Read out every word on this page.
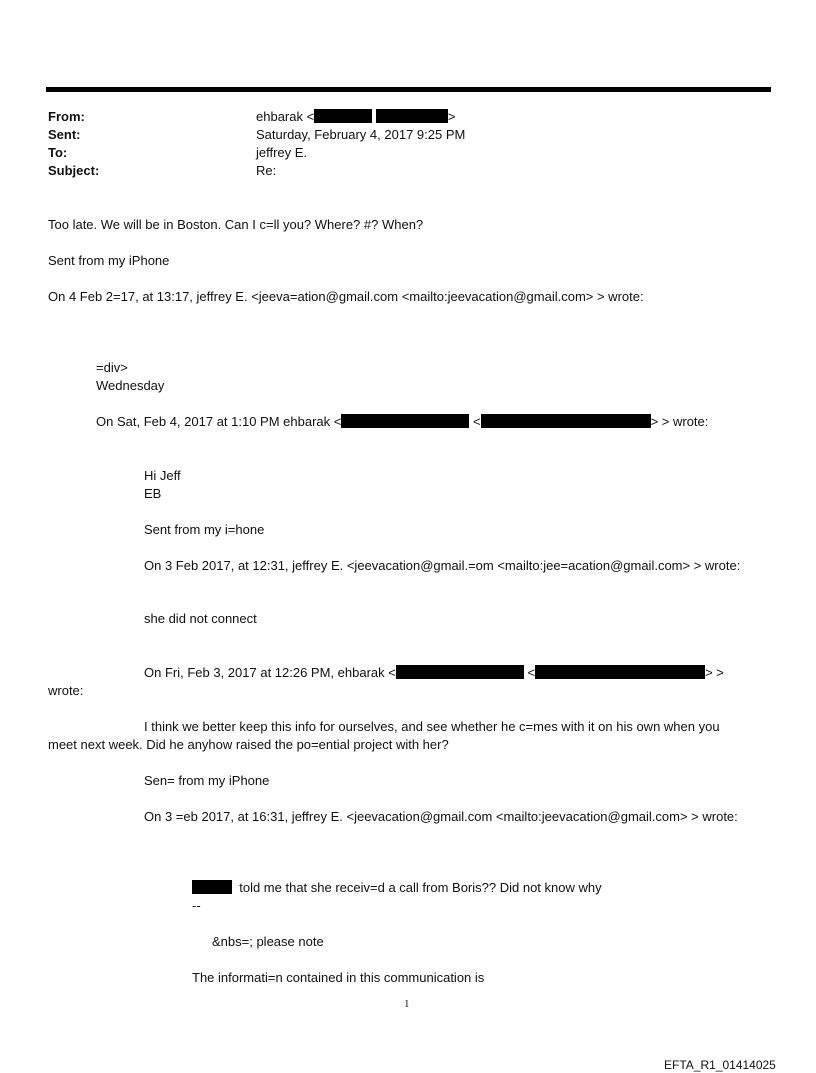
From:	ehbarak <	>
Sent:	Saturday, February 4, 2017 9:25 PM
To:	jeffrey E.
Subject:	Re:
Too late. We will be in Boston. Can I c=ll you? Where? #? When?
Sent from my iPhone
On 4 Feb 2=17, at 13:17, jeffrey E. <jeeva=ation@gmail.com <mailto:jeevacation@gmail.com> > wrote:
=div>
Wednesday
On Sat, Feb 4, 2017 at 1:10 PM ehbarak <	<	> > wrote:
Hi Jeff
EB
Sent from my i=hone
On 3 Feb 2017, at 12:31, jeffrey E. <jeevacation@gmail.=om <mailto:jee=acation@gmail.com> > wrote:
she did not connect
On Fri, Feb 3, 2017 at 12:26 PM, ehbarak <	<	> >
wrote:
I think we better keep this info for ourselves, and see whether he c=mes with it on his own when you
meet next week. Did he anyhow raised the po=ential project with her?
Sen= from my iPhone
On 3 =eb 2017, at 16:31, jeffrey E. <jeevacation@gmail.com <mailto:jeevacation@gmail.com> > wrote:
told me that she receiv=d a call from Boris?? Did not know why
--
&nbs=; please note
The informati=n contained in this communication is
1
EFTA_R1_01414025
